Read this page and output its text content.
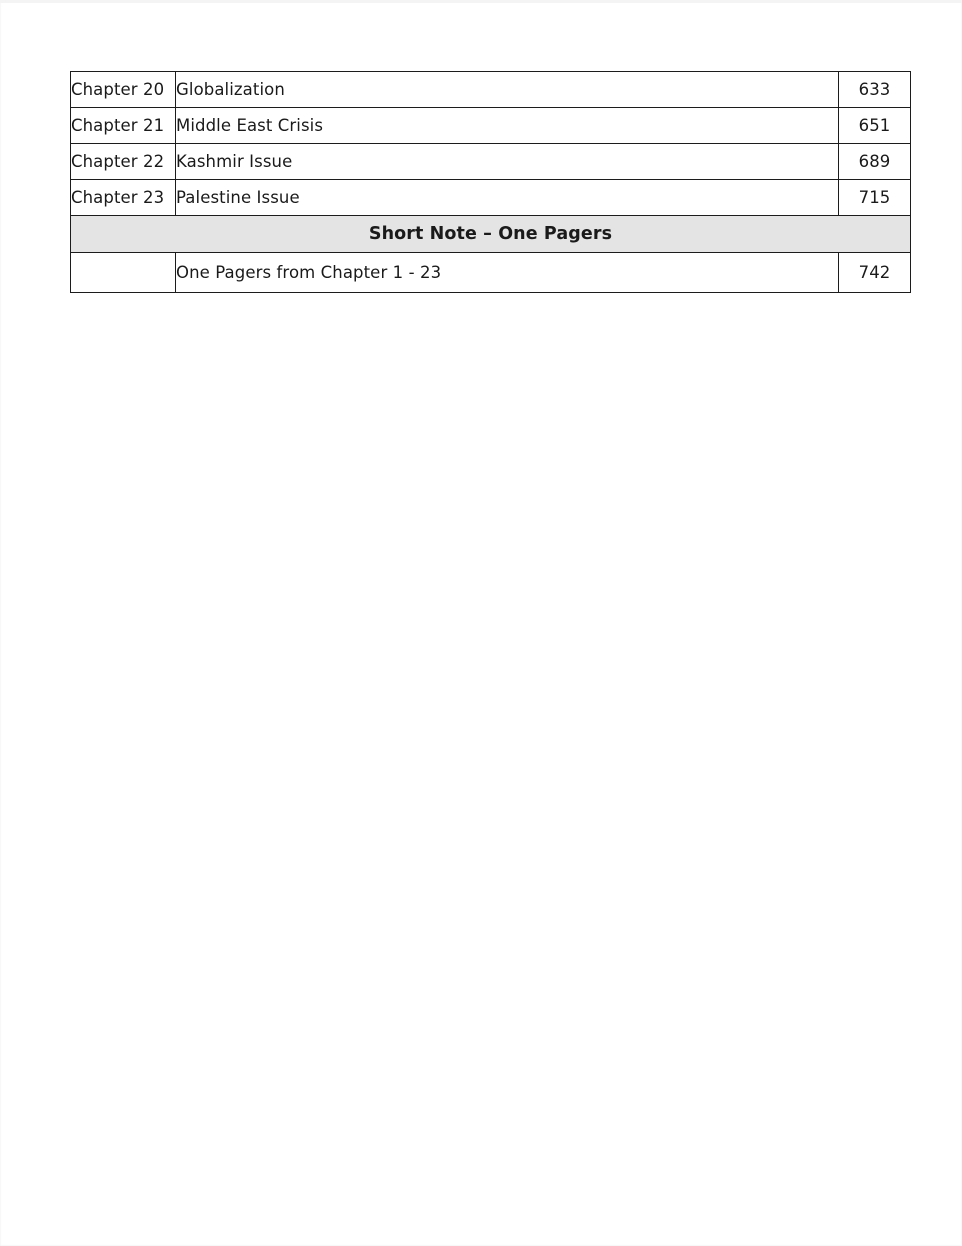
Chapter 20	Globalization	633
Chapter 21	Middle East Crisis	651
Chapter 22	Kashmir Issue	689
Chapter 23	Palestine Issue	715
Short Note – One Pagers		
	One Pagers from Chapter 1 - 23	742
